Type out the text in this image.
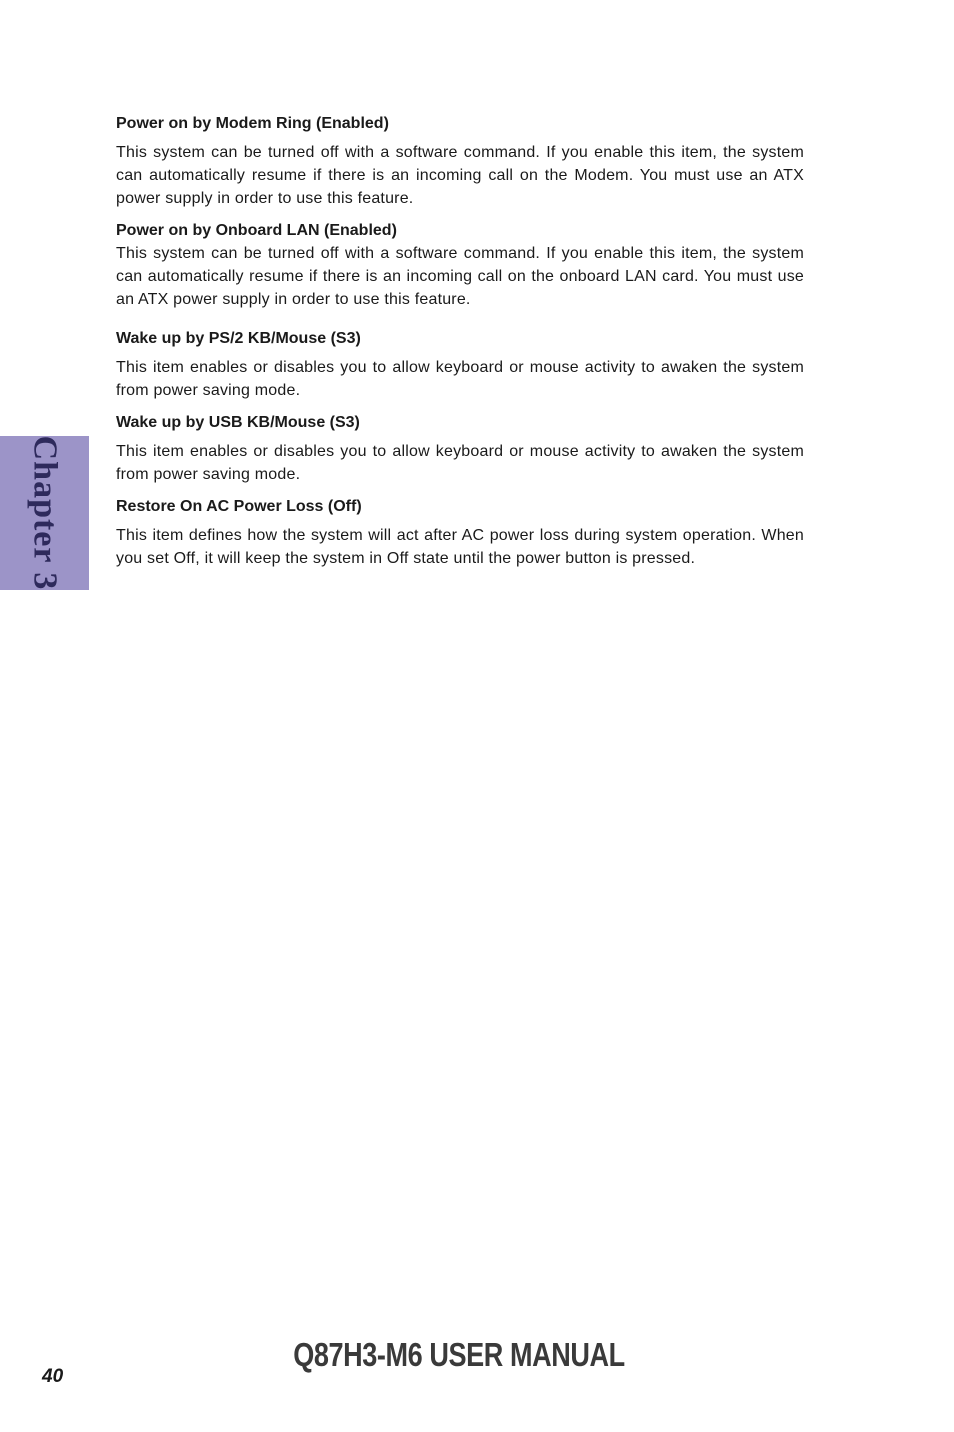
Chapter 3

Power on by Modem Ring (Enabled)

This system can be turned off with a software command. If you enable this item, the system can automatically resume if there is an incoming call on the Modem. You must use an ATX power supply in order to use this feature.

Power on by Onboard LAN (Enabled)

This system can be turned off with a software command. If you enable this item, the system can automatically resume if there is an incoming call on the onboard LAN card. You must use an ATX power supply in order to use this feature.

Wake up by PS/2 KB/Mouse (S3)

This item enables or disables you to allow keyboard or mouse activity to awaken the system from power saving mode.

Wake up by USB KB/Mouse (S3)

This item enables or disables you to allow keyboard or mouse activity to awaken the system from power saving mode.

Restore On AC Power Loss (Off)

This item defines how the system will act after AC power loss during system operation. When you set Off, it will keep the system in Off state until the power button is pressed.

Q87H3-M6 USER MANUAL
40
